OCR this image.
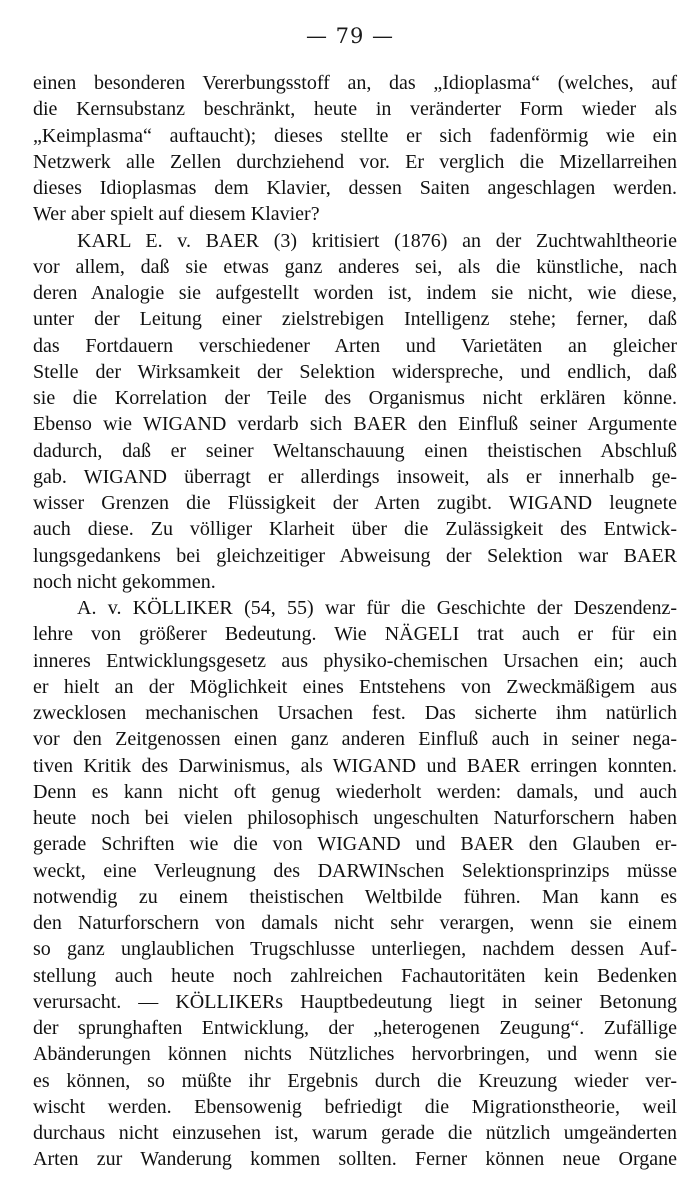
— 79 —
einen besonderen Vererbungsstoff an, das „Idioplasma“ (welches, auf
die Kernsubstanz beschränkt, heute in veränderter Form wieder als
„Keimplasma“ auftaucht); dieses stellte er sich fadenförmig wie ein
Netzwerk alle Zellen durchziehend vor. Er verglich die Mizellarreihen
dieses Idioplasmas dem Klavier, dessen Saiten angeschlagen werden.
Wer aber spielt auf diesem Klavier?
KARL E. v. BAER (3) kritisiert (1876) an der Zuchtwahltheorie
vor allem, daß sie etwas ganz anderes sei, als die künstliche, nach
deren Analogie sie aufgestellt worden ist, indem sie nicht, wie diese,
unter der Leitung einer zielstrebigen Intelligenz stehe; ferner, daß
das Fortdauern verschiedener Arten und Varietäten an gleicher
Stelle der Wirksamkeit der Selektion widerspreche, und endlich, daß
sie die Korrelation der Teile des Organismus nicht erklären könne.
Ebenso wie WIGAND verdarb sich BAER den Einfluß seiner Argumente
dadurch, daß er seiner Weltanschauung einen theistischen Abschluß
gab. WIGAND überragt er allerdings insoweit, als er innerhalb ge-
wisser Grenzen die Flüssigkeit der Arten zugibt. WIGAND leugnete
auch diese. Zu völliger Klarheit über die Zulässigkeit des Entwick-
lungsgedankens bei gleichzeitiger Abweisung der Selektion war BAER
noch nicht gekommen.
A. v. KÖLLIKER (54, 55) war für die Geschichte der Deszendenz-
lehre von größerer Bedeutung. Wie NÄGELI trat auch er für ein
inneres Entwicklungsgesetz aus physiko-chemischen Ursachen ein; auch
er hielt an der Möglichkeit eines Entstehens von Zweckmäßigem aus
zwecklosen mechanischen Ursachen fest. Das sicherte ihm natürlich
vor den Zeitgenossen einen ganz anderen Einfluß auch in seiner nega-
tiven Kritik des Darwinismus, als WIGAND und BAER erringen konnten.
Denn es kann nicht oft genug wiederholt werden: damals, und auch
heute noch bei vielen philosophisch ungeschulten Naturforschern haben
gerade Schriften wie die von WIGAND und BAER den Glauben er-
weckt, eine Verleugnung des DARWINschen Selektionsprinzips müsse
notwendig zu einem theistischen Weltbilde führen. Man kann es
den Naturforschern von damals nicht sehr verargen, wenn sie einem
so ganz unglaublichen Trugschlusse unterliegen, nachdem dessen Auf-
stellung auch heute noch zahlreichen Fachautoritäten kein Bedenken
verursacht. — KÖLLIKERs Hauptbedeutung liegt in seiner Betonung
der sprunghaften Entwicklung, der „heterogenen Zeugung“. Zufällige
Abänderungen können nichts Nützliches hervorbringen, und wenn sie
es können, so müßte ihr Ergebnis durch die Kreuzung wieder ver-
wischt werden. Ebensowenig befriedigt die Migrationstheorie, weil
durchaus nicht einzusehen ist, warum gerade die nützlich umgeänderten
Arten zur Wanderung kommen sollten. Ferner können neue Organe
